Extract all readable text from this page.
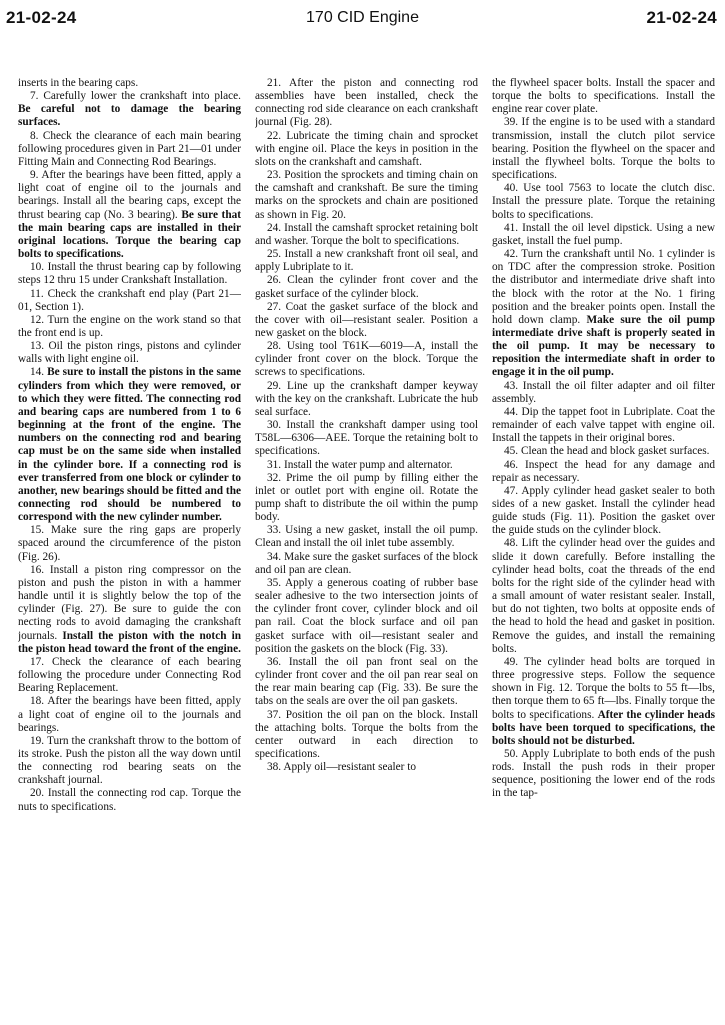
21-02-24	170 CID Engine	21-02-24

inserts in the bearing caps.

7. Carefully lower the crankshaft into place. Be careful not to damage the bearing surfaces.

8. Check the clearance of each main bearing following procedures given in Part 21—01 under Fitting Main and Connecting Rod Bearings.

9. After the bearings have been fitted, apply a light coat of engine oil to the journals and bearings. Install all the bearing caps, except the thrust bearing cap (No. 3 bearing). Be sure that the main bearing caps are installed in their original locations. Torque the bearing cap bolts to specifications.

10. Install the thrust bearing cap by following steps 12 thru 15 under Crankshaft Installation.

11. Check the crankshaft end play (Part 21—01, Section 1).

12. Turn the engine on the work stand so that the front end is up.

13. Oil the piston rings, pistons and cylinder walls with light engine oil.

14. Be sure to install the pistons in the same cylinders from which they were removed, or to which they were fitted. The connecting rod and bearing caps are numbered from 1 to 6 beginning at the front of the engine. The numbers on the connecting rod and bearing cap must be on the same side when installed in the cylinder bore. If a connecting rod is ever transferred from one block or cylinder to another, new bearings should be fitted and the connecting rod should be numbered to correspond with the new cylinder number.

15. Make sure the ring gaps are properly spaced around the circumference of the piston (Fig. 26).

16. Install a piston ring compressor on the piston and push the piston in with a hammer handle until it is slightly below the top of the cylinder (Fig. 27). Be sure to guide the con necting rods to avoid damaging the crankshaft journals. Install the piston with the notch in the piston head toward the front of the engine.

17. Check the clearance of each bearing following the procedure under Connecting Rod Bearing Replacement.

18. After the bearings have been fitted, apply a light coat of engine oil to the journals and bearings.

19. Turn the crankshaft throw to the bottom of its stroke. Push the piston all the way down until the connecting rod bearing seats on the crankshaft journal.

20. Install the connecting rod cap. Torque the nuts to specifications.

21. After the piston and connecting rod assemblies have been installed, check the connecting rod side clearance on each crankshaft journal (Fig. 28).

22. Lubricate the timing chain and sprocket with engine oil. Place the keys in position in the slots on the crankshaft and camshaft.

23. Position the sprockets and timing chain on the camshaft and crankshaft. Be sure the timing marks on the sprockets and chain are positioned as shown in Fig. 20.

24. Install the camshaft sprocket retaining bolt and washer. Torque the bolt to specifications.

25. Install a new crankshaft front oil seal, and apply Lubriplate to it.

26. Clean the cylinder front cover and the gasket surface of the cylinder block.

27. Coat the gasket surface of the block and the cover with oil—resistant sealer. Position a new gasket on the block.

28. Using tool T61K—6019—A, install the cylinder front cover on the block. Torque the screws to specifications.

29. Line up the crankshaft damper keyway with the key on the crankshaft. Lubricate the hub seal surface.

30. Install the crankshaft damper using tool T58L—6306—AEE. Torque the retaining bolt to specifications.

31. Install the water pump and alternator.

32. Prime the oil pump by filling either the inlet or outlet port with engine oil. Rotate the pump shaft to distribute the oil within the pump body.

33. Using a new gasket, install the oil pump. Clean and install the oil inlet tube assembly.

34. Make sure the gasket surfaces of the block and oil pan are clean.

35. Apply a generous coating of rubber base sealer adhesive to the two intersection joints of the cylinder front cover, cylinder block and oil pan rail. Coat the block surface and oil pan gasket surface with oil—resistant sealer and position the gaskets on the block (Fig. 33).

36. Install the oil pan front seal on the cylinder front cover and the oil pan rear seal on the rear main bearing cap (Fig. 33). Be sure the tabs on the seals are over the oil pan gaskets.

37. Position the oil pan on the block. Install the attaching bolts. Torque the bolts from the center outward in each direction to specifications.

38. Apply oil—resistant sealer to

the flywheel spacer bolts. Install the spacer and torque the bolts to specifications. Install the engine rear cover plate.

39. If the engine is to be used with a standard transmission, install the clutch pilot service bearing. Position the flywheel on the spacer and install the flywheel bolts. Torque the bolts to specifications.

40. Use tool 7563 to locate the clutch disc. Install the pressure plate. Torque the retaining bolts to specifications.

41. Install the oil level dipstick. Using a new gasket, install the fuel pump.

42. Turn the crankshaft until No. 1 cylinder is on TDC after the compression stroke. Position the distributor and intermediate drive shaft into the block with the rotor at the No. 1 firing position and the breaker points open. Install the hold down clamp. Make sure the oil pump intermediate drive shaft is properly seated in the oil pump. It may be necessary to reposition the intermediate shaft in order to engage it in the oil pump.

43. Install the oil filter adapter and oil filter assembly.

44. Dip the tappet foot in Lubriplate. Coat the remainder of each valve tappet with engine oil. Install the tappets in their original bores.

45. Clean the head and block gasket surfaces.

46. Inspect the head for any damage and repair as necessary.

47. Apply cylinder head gasket sealer to both sides of a new gasket. Install the cylinder head guide studs (Fig. 11). Position the gasket over the guide studs on the cylinder block.

48. Lift the cylinder head over the guides and slide it down carefully. Before installing the cylinder head bolts, coat the threads of the end bolts for the right side of the cylinder head with a small amount of water resistant sealer. Install, but do not tighten, two bolts at opposite ends of the head to hold the head and gasket in position. Remove the guides, and install the remaining bolts.

49. The cylinder head bolts are torqued in three progressive steps. Follow the sequence shown in Fig. 12. Torque the bolts to 55 ft—lbs, then torque them to 65 ft—lbs. Finally torque the bolts to specifications. After the cylinder heads bolts have been torqued to specifications, the bolts should not be disturbed.

50. Apply Lubriplate to both ends of the push rods. Install the push rods in their proper sequence, positioning the lower end of the rods in the tap-
